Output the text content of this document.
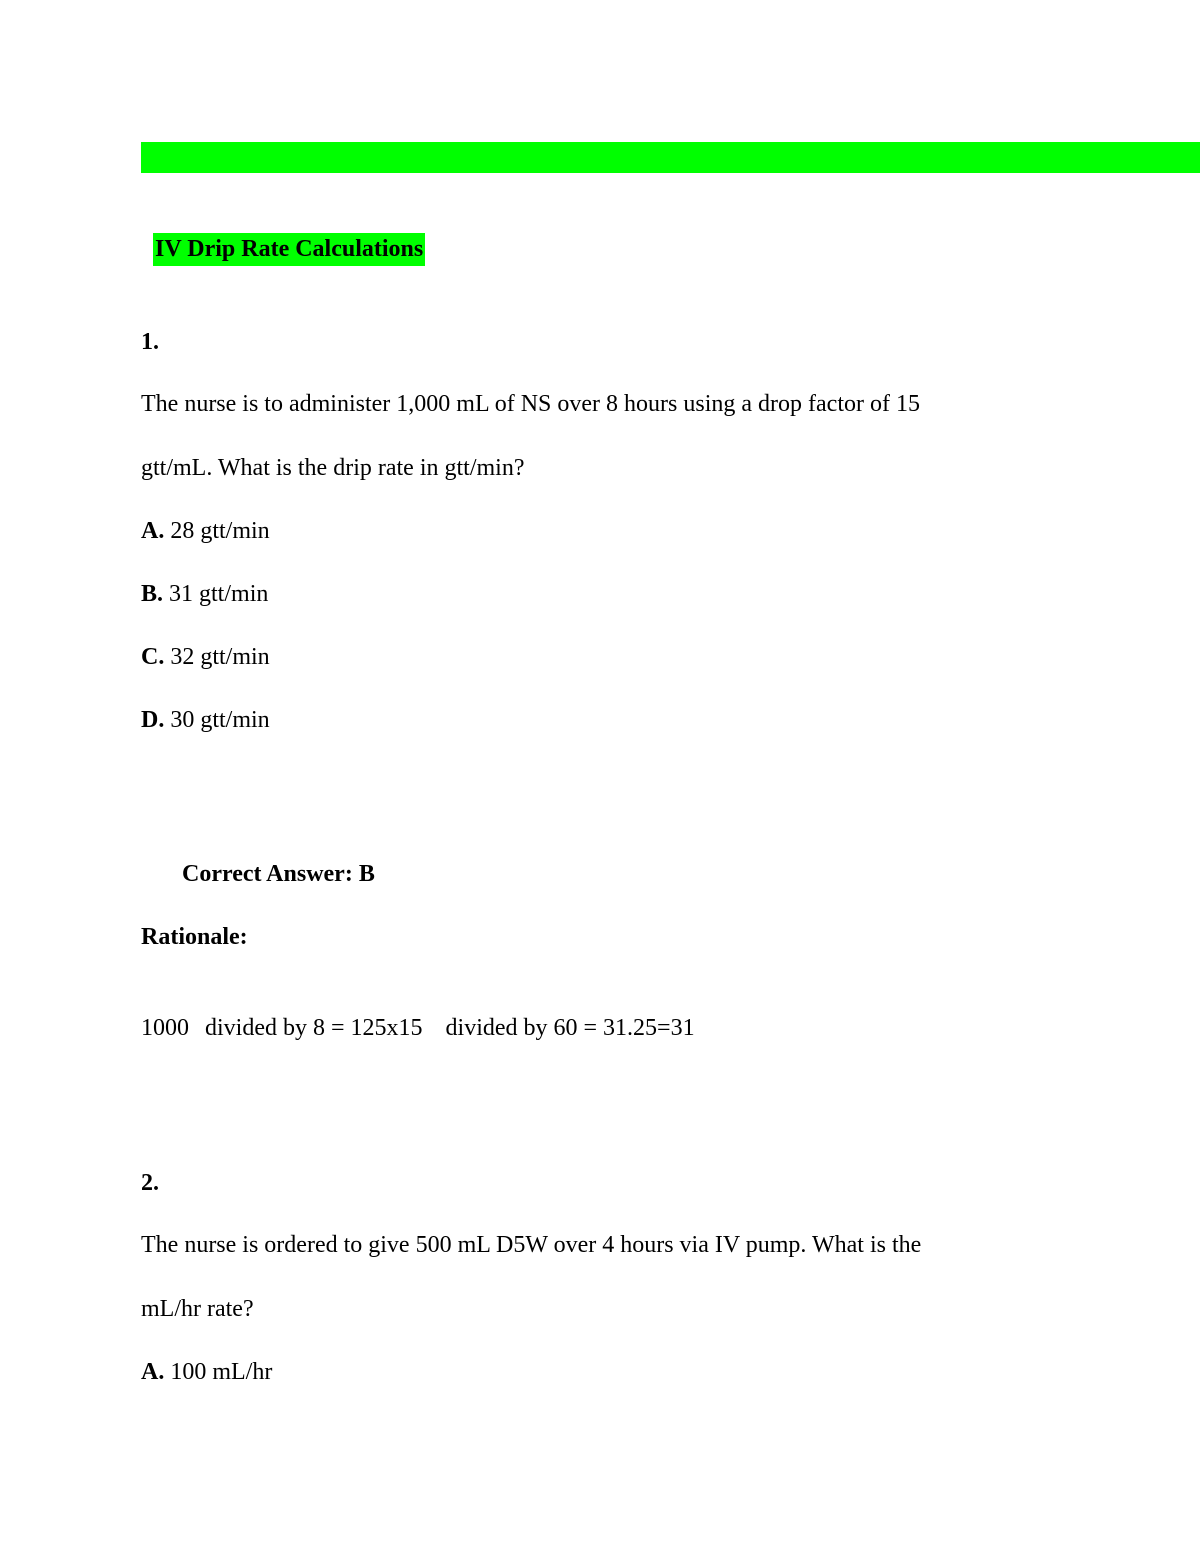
IV Drip Rate Calculations
1.
The nurse is to administer 1,000 mL of NS over 8 hours using a drop factor of 15
gtt/mL. What is the drip rate in gtt/min?
A. 28 gtt/min
B. 31 gtt/min
C. 32 gtt/min
D. 30 gtt/min
Correct Answer: B
Rationale:
1000 divided by 8 = 125x15 divided by 60 = 31.25=31
2.
The nurse is ordered to give 500 mL D5W over 4 hours via IV pump. What is the
mL/hr rate?
A. 100 mL/hr
